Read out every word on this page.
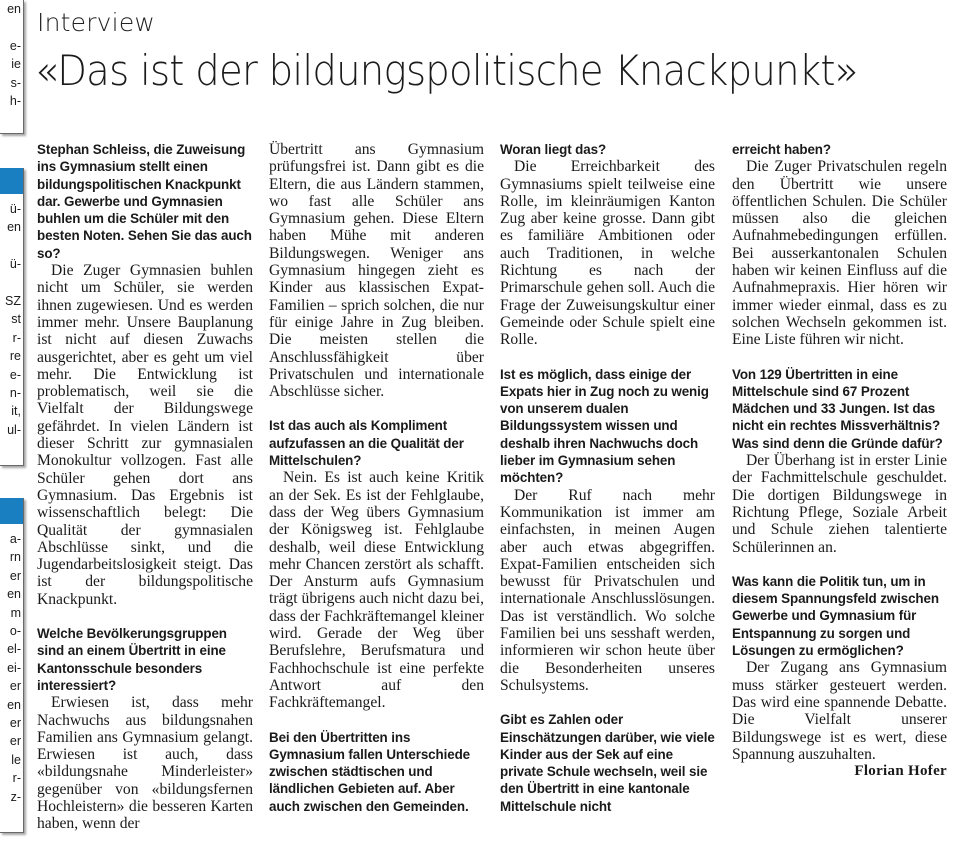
en

e-
ie
s-
h-
ü-
en

ü-

SZ
st
r-
re
e-
n-
it,
ul-
a-
rn
er
en
m
o-
el-
ei-
er
en
er
er
le
r-
z-
Interview
«Das ist der bildungspolitische Knackpunkt»

Stephan Schleiss, die Zuweisung ins Gymnasium stellt einen bildungspolitischen Knackpunkt dar. Gewerbe und Gymnasien buhlen um die Schüler mit den besten Noten. Sehen Sie das auch so?

Die Zuger Gymnasien buhlen nicht um Schüler, sie werden ihnen zugewiesen. Und es werden immer mehr. Unsere Bauplanung ist nicht auf diesen Zuwachs ausgerichtet, aber es geht um viel mehr. Die Entwicklung ist problematisch, weil sie die Vielfalt der Bildungswege gefährdet. In vielen Ländern ist dieser Schritt zur gymnasialen Monokultur vollzogen. Fast alle Schüler gehen dort ans Gymnasium. Das Ergebnis ist wissenschaftlich belegt: Die Qualität der gymnasialen Abschlüsse sinkt, und die Jugendarbeitslosigkeit steigt. Das ist der bildungspolitische Knackpunkt.

Welche Bevölkerungsgruppen sind an einem Übertritt in eine Kantonsschule besonders interessiert?

Erwiesen ist, dass mehr Nachwuchs aus bildungsnahen Familien ans Gymnasium gelangt. Erwiesen ist auch, dass «bildungsnahe Minderleister» gegenüber von «bildungsfernen Hochleistern» die besseren Karten haben, wenn der

Übertritt ans Gymnasium prüfungsfrei ist. Dann gibt es die Eltern, die aus Ländern stammen, wo fast alle Schüler ans Gymnasium gehen. Diese Eltern haben Mühe mit anderen Bildungswegen. Weniger ans Gymnasium hingegen zieht es Kinder aus klassischen Expat-Familien – sprich solchen, die nur für einige Jahre in Zug bleiben. Die meisten stellen die Anschlussfähigkeit über Privatschulen und internationale Abschlüsse sicher.

Ist das auch als Kompliment aufzufassen an die Qualität der Mittelschulen?

Nein. Es ist auch keine Kritik an der Sek. Es ist der Fehlglaube, dass der Weg übers Gymnasium der Königsweg ist. Fehlglaube deshalb, weil diese Entwicklung mehr Chancen zerstört als schafft. Der Ansturm aufs Gymnasium trägt übrigens auch nicht dazu bei, dass der Fachkräftemangel kleiner wird. Gerade der Weg über Berufslehre, Berufsmatura und Fachhochschule ist eine perfekte Antwort auf den Fachkräftemangel.

Bei den Übertritten ins Gymnasium fallen Unterschiede zwischen städtischen und ländlichen Gebieten auf. Aber auch zwischen den Gemeinden.

Woran liegt das?

Die Erreichbarkeit des Gymnasiums spielt teilweise eine Rolle, im kleinräumigen Kanton Zug aber keine grosse. Dann gibt es familiäre Ambitionen oder auch Traditionen, in welche Richtung es nach der Primarschule gehen soll. Auch die Frage der Zuweisungskultur einer Gemeinde oder Schule spielt eine Rolle.

Ist es möglich, dass einige der Expats hier in Zug noch zu wenig von unserem dualen Bildungssystem wissen und deshalb ihren Nachwuchs doch lieber im Gymnasium sehen möchten?

Der Ruf nach mehr Kommunikation ist immer am einfachsten, in meinen Augen aber auch etwas abgegriffen. Expat-Familien entscheiden sich bewusst für Privatschulen und internationale Anschlusslösungen. Das ist verständlich. Wo solche Familien bei uns sesshaft werden, informieren wir schon heute über die Besonderheiten unseres Schulsystems.

Gibt es Zahlen oder Einschätzungen darüber, wie viele Kinder aus der Sek auf eine private Schule wechseln, weil sie den Übertritt in eine kantonale Mittelschule nicht

erreicht haben?

Die Zuger Privatschulen regeln den Übertritt wie unsere öffentlichen Schulen. Die Schüler müssen also die gleichen Aufnahmebedingungen erfüllen. Bei ausserkantonalen Schulen haben wir keinen Einfluss auf die Aufnahmepraxis. Hier hören wir immer wieder einmal, dass es zu solchen Wechseln gekommen ist. Eine Liste führen wir nicht.

Von 129 Übertritten in eine Mittelschule sind 67 Prozent Mädchen und 33 Jungen. Ist das nicht ein rechtes Missverhältnis? Was sind denn die Gründe dafür?

Der Überhang ist in erster Linie der Fachmittelschule geschuldet. Die dortigen Bildungswege in Richtung Pflege, Soziale Arbeit und Schule ziehen talentierte Schülerinnen an.

Was kann die Politik tun, um in diesem Spannungsfeld zwischen Gewerbe und Gymnasium für Entspannung zu sorgen und Lösungen zu ermöglichen?

Der Zugang ans Gymnasium muss stärker gesteuert werden. Das wird eine spannende Debatte. Die Vielfalt unserer Bildungswege ist es wert, diese Spannung auszuhalten.

Florian Hofer
